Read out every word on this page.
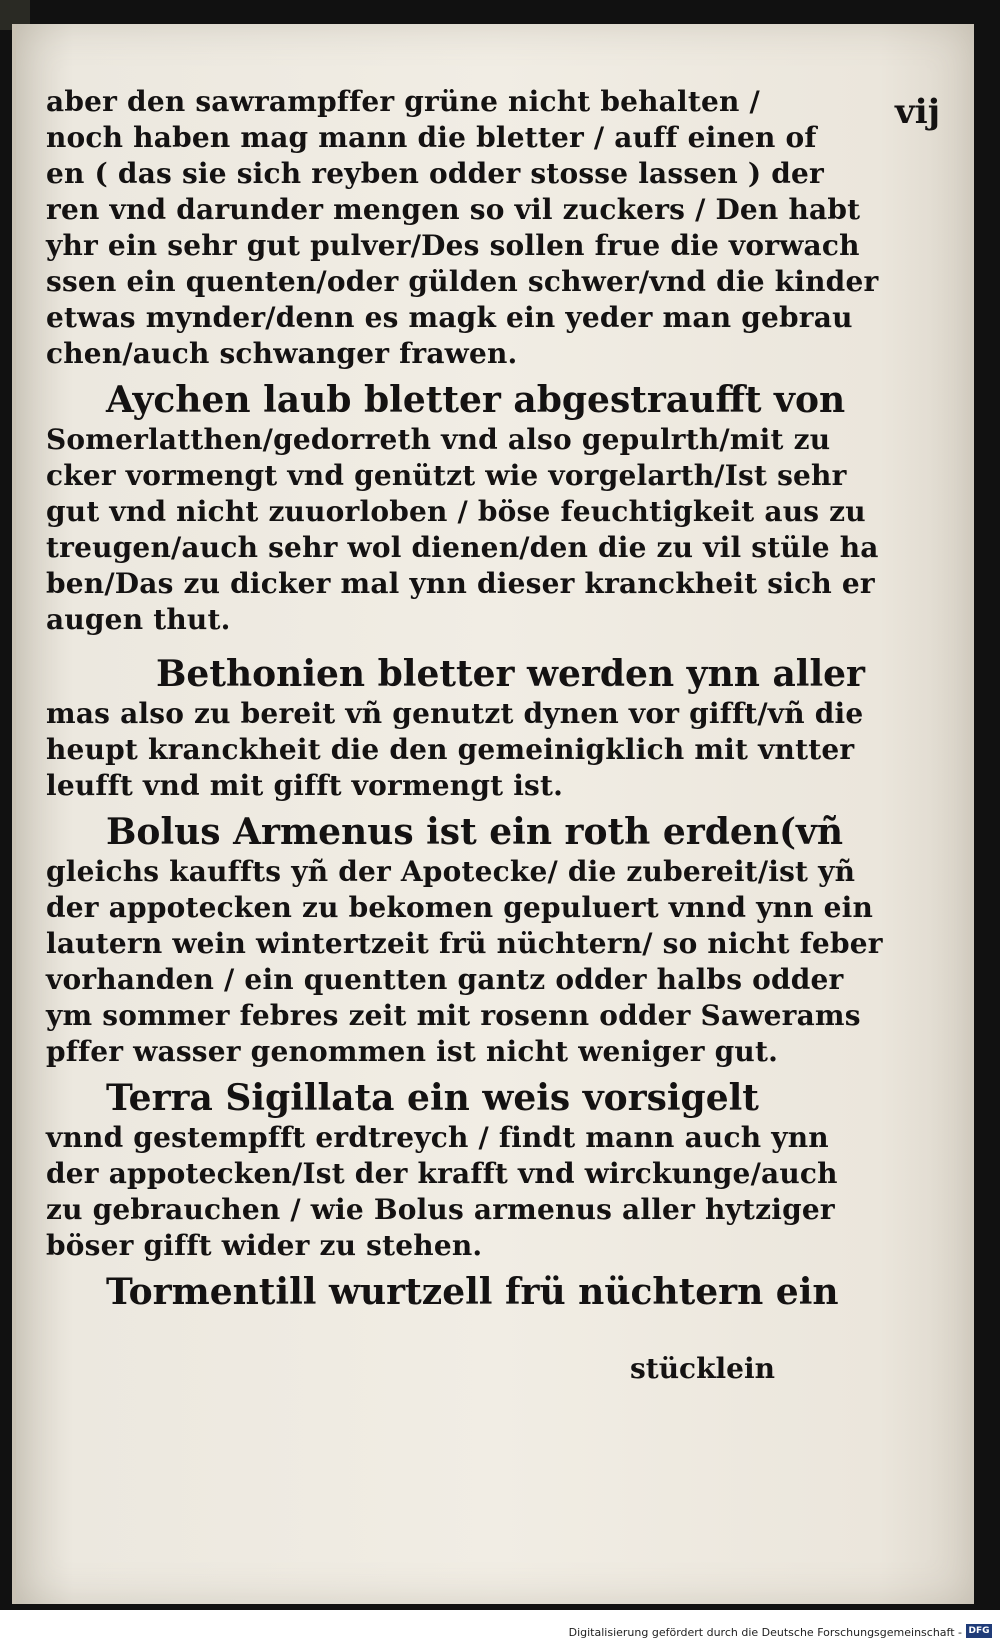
vij
aber den sawrampffer grüne nicht behalten /
noch haben mag mann die bletter / auff einen of
en ( das sie sich reyben odder stosse lassen ) der
ren vnd darunder mengen so vil zuckers / Den habt
yhr ein sehr gut pulver/Des sollen frue die vorwach
ssen ein quenten/oder gülden schwer/vnd die kinder
etwas mynder/denn es magk ein yeder man gebrau
chen/auch schwanger frawen.
Aychen laub bletter abgestraufft von
Somerlatthen/gedorreth vnd also gepulrth/mit zu
cker vormengt vnd genützt wie vorgelarth/Ist sehr
gut vnd nicht zuuorloben / böse feuchtigkeit aus zu
treugen/auch sehr wol dienen/den die zu vil stüle ha
ben/Das zu dicker mal ynn dieser kranckheit sich er
augen thut.
Bethonien bletter werden ynn aller
mas also zu bereit vñ genutzt dynen vor gifft/vñ die
heupt kranckheit die den gemeinigklich mit vntter
leufft vnd mit gifft vormengt ist.
Bolus Armenus ist ein roth erden(vñ
gleichs kauffts yñ der Apotecke/ die zubereit/ist yñ
der appotecken zu bekomen gepuluert vnnd ynn ein
lautern wein wintertzeit frü nüchtern/ so nicht feber
vorhanden / ein quentten gantz odder halbs odder
ym sommer febres zeit mit rosenn odder Sawerams
pffer wasser genommen ist nicht weniger gut.
Terra Sigillata ein weis vorsigelt
vnnd gestempfft erdtreych / findt mann auch ynn
der appotecken/Ist der krafft vnd wirckunge/auch
zu gebrauchen / wie Bolus armenus aller hytziger
böser gifft wider zu stehen.
Tormentill wurtzell frü nüchtern ein
stücklein
Digitalisierung gefördert durch die Deutsche Forschungsgemeinschaft - DFG
